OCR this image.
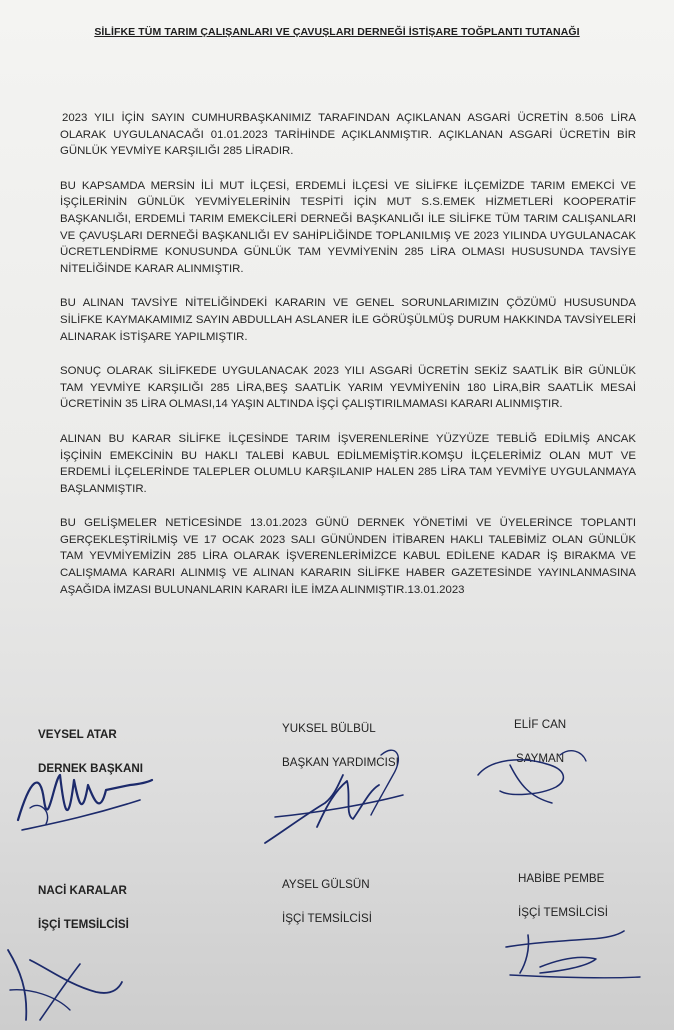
SİLİFKE TÜM TARIM ÇALIŞANLARI VE ÇAVUŞLARI DERNEĞİ İSTİŞARE TOĞPLANTI TUTANAĞI

2023 YILI İÇİN SAYIN CUMHURBAŞKANIMIZ TARAFINDAN AÇIKLANAN ASGARİ ÜCRETİN 8.506 LİRA OLARAK UYGULANACAĞI 01.01.2023 TARİHİNDE AÇIKLANMIŞTIR. AÇIKLANAN ASGARİ ÜCRETİN BİR GÜNLÜK YEVMİYE KARŞILIĞI 285 LİRADIR.

BU KAPSAMDA MERSİN İLİ MUT İLÇESİ, ERDEMLİ İLÇESİ VE SİLİFKE İLÇEMİZDE TARIM EMEKCİ VE İŞÇİLERİNİN GÜNLÜK YEVMİYELERİNİN TESPİTİ İÇİN MUT S.S.EMEK HİZMETLERİ KOOPERATİF BAŞKANLIĞI, ERDEMLİ TARIM EMEKCİLERİ DERNEĞİ BAŞKANLIĞI İLE SİLİFKE TÜM TARIM CALIŞANLARI VE ÇAVUŞLARI DERNEĞİ BAŞKANLIĞI EV SAHİPLİĞİNDE TOPLANILMIŞ VE 2023 YILINDA UYGULANACAK ÜCRETLENDİRME KONUSUNDA GÜNLÜK TAM YEVMİYENİN 285 LİRA OLMASI HUSUSUNDA TAVSİYE NİTELİĞİNDE KARAR ALINMIŞTIR.

BU ALINAN TAVSİYE NİTELİĞİNDEKİ KARARIN VE GENEL SORUNLARIMIZIN ÇÖZÜMÜ HUSUSUNDA SİLİFKE KAYMAKAMIMIZ SAYIN ABDULLAH ASLANER İLE GÖRÜŞÜLMÜŞ DURUM HAKKINDA TAVSİYELERİ ALINARAK İSTİŞARE YAPILMIŞTIR.

SONUÇ OLARAK SİLİFKEDE UYGULANACAK 2023 YILI ASGARİ ÜCRETİN SEKİZ SAATLİK BİR GÜNLÜK TAM YEVMİYE KARŞILIĞI 285 LİRA,BEŞ SAATLİK YARIM YEVMİYENİN 180 LİRA,BİR SAATLİK MESAİ ÜCRETİNİN 35 LİRA OLMASI,14 YAŞIN ALTINDA İŞÇİ ÇALIŞTIRILMAMASI KARARI ALINMIŞTIR.

ALINAN BU KARAR SİLİFKE İLÇESİNDE TARIM İŞVERENLERİNE YÜZYÜZE TEBLİĞ EDİLMİŞ ANCAK İŞÇİNİN EMEKCİNİN BU HAKLI TALEBİ KABUL EDİLMEMİŞTİR.KOMŞU İLÇELERİMİZ OLAN MUT VE ERDEMLİ İLÇELERİNDE TALEPLER OLUMLU KARŞILANIP HALEN 285 LİRA TAM YEVMİYE UYGULANMAYA BAŞLANMIŞTIR.

BU GELİŞMELER NETİCESİNDE 13.01.2023 GÜNÜ DERNEK YÖNETİMİ VE ÜYELERİNCE TOPLANTI GERÇEKLEŞTİRİLMİŞ VE 17 OCAK 2023 SALI GÜNÜNDEN İTİBAREN HAKLI TALEBİMİZ OLAN GÜNLÜK TAM YEVMİYEMİZİN 285 LİRA OLARAK İŞVERENLERİMİZCE KABUL EDİLENE KADAR İŞ BIRAKMA VE CALIŞMAMA KARARI ALINMIŞ VE ALINAN KARARIN SİLİFKE HABER GAZETESİNDE YAYINLANMASINA AŞAĞIDA İMZASI BULUNANLARIN KARARI İLE İMZA ALINMIŞTIR.13.01.2023

VEYSEL ATAR
DERNEK BAŞKANI
YUKSEL BÜLBÜL
BAŞKAN YARDIMCISI
ELİF CAN
SAYMAN
NACİ KARALAR
İŞÇİ TEMSİLCİSİ
AYSEL GÜLSÜN
İŞÇİ TEMSİLCİSİ
HABİBE PEMBE
İŞÇİ TEMSİLCİSİ
